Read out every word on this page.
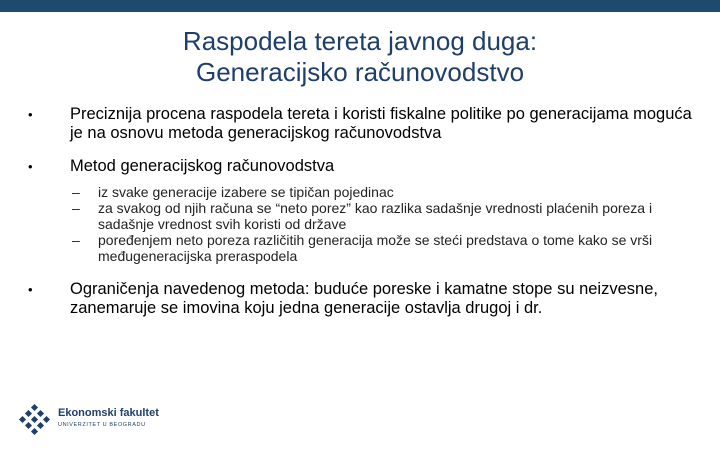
Raspodela tereta javnog duga:
Generacijsko računovodstvo
•	Preciznija procena raspodela tereta i koristi fiskalne politike po generacijama moguća je na osnovu metoda generacijskog računovodstva
•	Metod generacijskog računovodstva
– iz svake generacije izabere se tipičan pojedinac
– za svakog od njih računa se “neto porez” kao razlika sadašnje vrednosti plaćenih poreza i sadašnje vrednost svih koristi od države
– poređenjem neto poreza različitih generacija može se steći predstava o tome kako se vrši međugeneracijska preraspodela
•	Ograničenja navedenog metoda: buduće poreske i kamatne stope su neizvesne, zanemaruje se imovina koju jedna generacije ostavlja drugoj i dr.
Ekonomski fakultet
UNIVERZITET U BEOGRADU
